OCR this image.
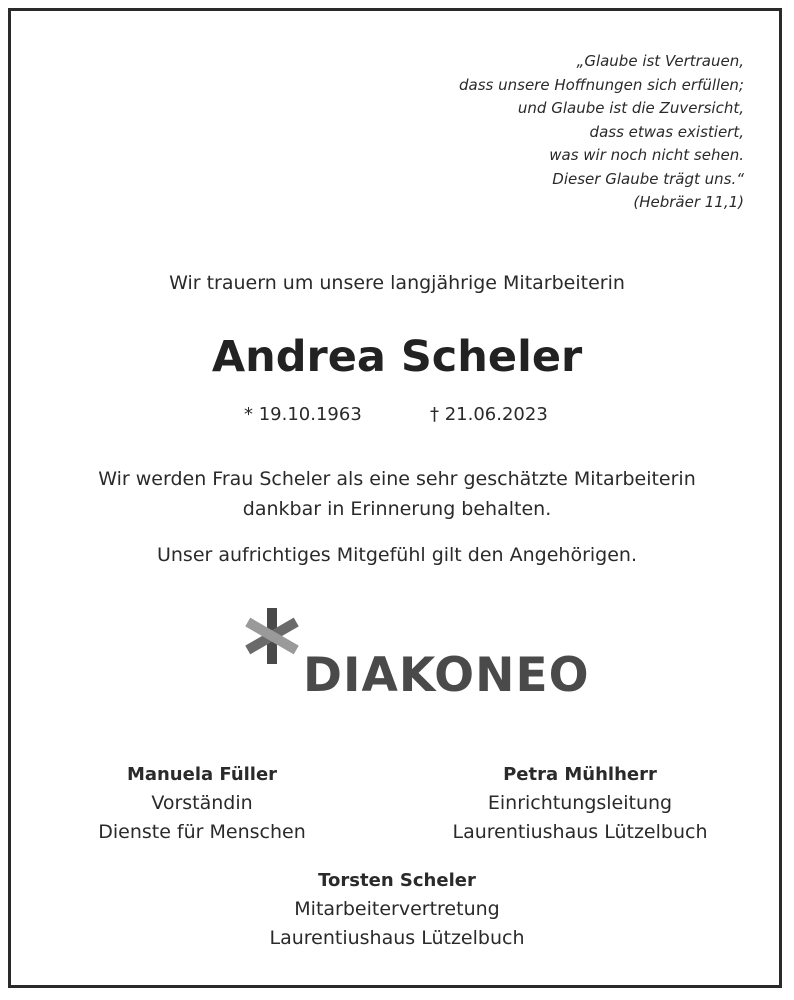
„Glaube ist Vertrauen,
dass unsere Hoffnungen sich erfüllen;
und Glaube ist die Zuversicht,
dass etwas existiert,
was wir noch nicht sehen.
Dieser Glaube trägt uns.“
(Hebräer 11,1)
Wir trauern um unsere langjährige Mitarbeiterin
Andrea Scheler
* 19.10.1963	† 21.06.2023
Wir werden Frau Scheler als eine sehr geschätzte Mitarbeiterin
dankbar in Erinnerung behalten.
Unser aufrichtiges Mitgefühl gilt den Angehörigen.
DIAKONEO
Manuela Füller
Vorständin
Dienste für Menschen
Petra Mühlherr
Einrichtungsleitung
Laurentiushaus Lützelbuch
Torsten Scheler
Mitarbeitervertretung
Laurentiushaus Lützelbuch
